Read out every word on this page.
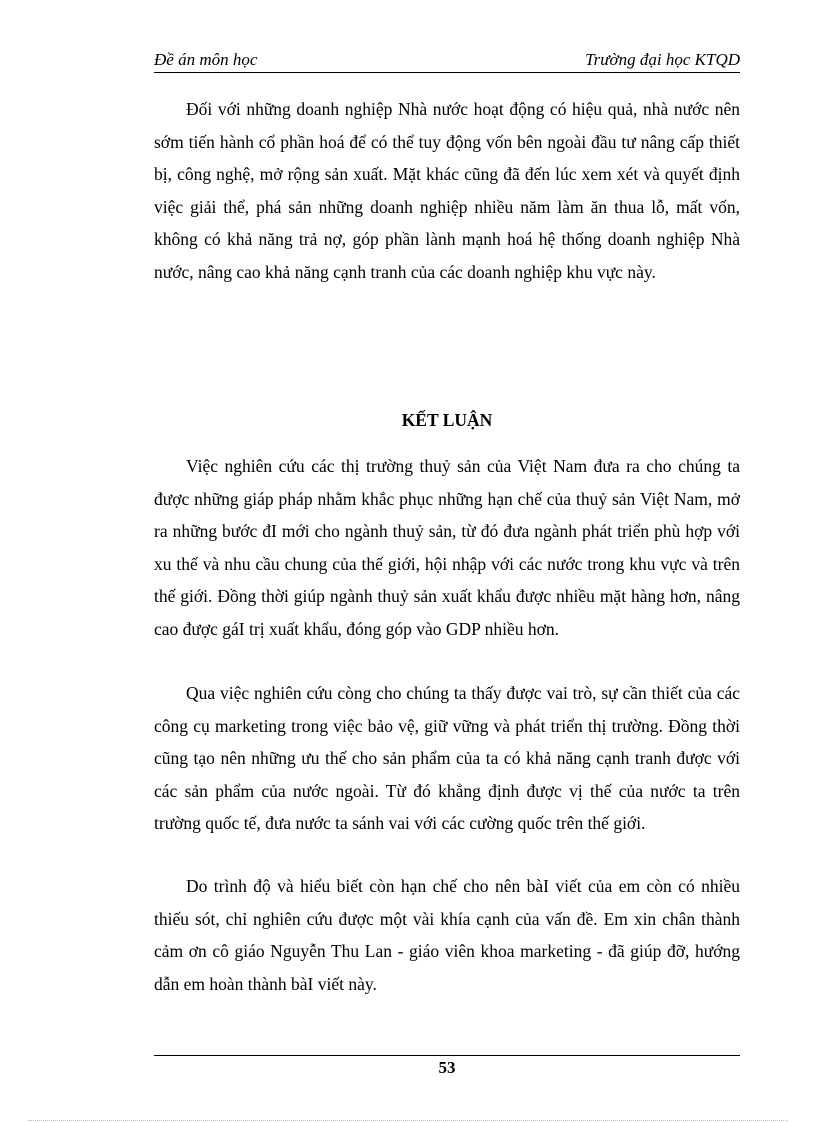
Đề án môn học	Trường đại học KTQD

Đối với những doanh nghiệp Nhà nước hoạt động có hiệu quả, nhà nước nên sớm tiến hành cổ phần hoá để có thể tuy động vốn bên ngoài đầu tư nâng cấp thiết bị, công nghệ, mở rộng sản xuất. Mặt khác cũng đã đến lúc xem xét và quyết định việc giải thể, phá sản những doanh nghiệp nhiều năm làm ăn thua lỗ, mất vốn, không có khả năng trả nợ, góp phần lành mạnh hoá hệ thống doanh nghiệp Nhà nước, nâng cao khả năng cạnh tranh của các doanh nghiệp khu vực này.

KẾT LUẬN

Việc nghiên cứu các thị trường thuỷ sản của Việt Nam đưa ra cho chúng ta được những giáp pháp nhằm khắc phục những hạn chế của thuỷ sản Việt Nam, mở ra những bước đI mới cho ngành thuỷ sản, từ đó đưa ngành phát triển phù hợp với xu thế và nhu cầu chung của thế giới, hội nhập với các nước trong khu vực và trên thế giới. Đồng thời giúp ngành thuỷ sản xuất khẩu được nhiều mặt hàng hơn, nâng cao được gáI trị xuất khẩu, đóng góp vào GDP nhiều hơn.

Qua việc nghiên cứu còng cho chúng ta thấy được vai trò, sự cần thiết của các công cụ marketing trong việc bảo vệ, giữ vững và phát triển thị trường. Đồng thời cũng tạo nên những ưu thế cho sản phẩm của ta có khả năng cạnh tranh được với các sản phẩm của nước ngoài. Từ đó khẳng định được vị thế của nước ta trên trường quốc tế, đưa nước ta sánh vai với các cường quốc trên thế giới.

Do trình độ và hiểu biết còn hạn chế cho nên bàI viết của em còn có nhiều thiếu sót, chỉ nghiên cứu được một vài khía cạnh của vấn đề. Em xin chân thành cảm ơn cô giáo Nguyễn Thu Lan - giáo viên khoa marketing - đã giúp đỡ, hướng dẫn em hoàn thành bàI viết này.

53
